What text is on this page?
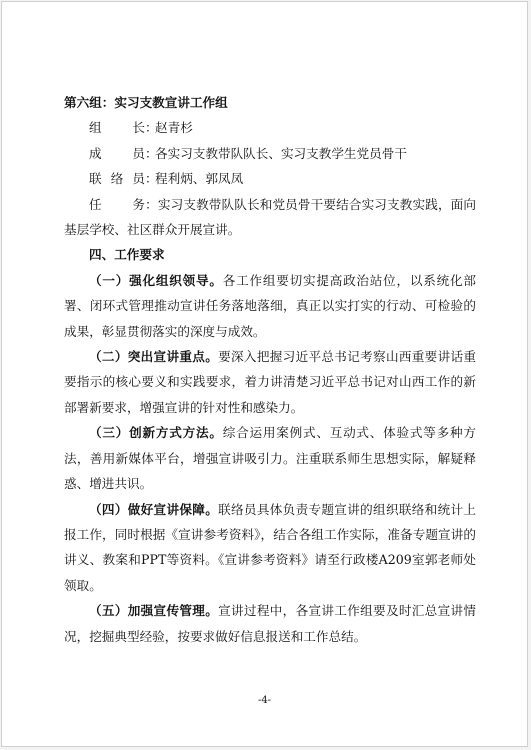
第六组：实习支教宣讲工作组

组 长 ：
赵青杉
成 员 ：
各实习支教带队队长、实习支教学生党员骨干
联 络 员 ：
程利炳、郭凤凤

任 务 ：实习支教带队队长和党员骨干要结合实习支教实践，面向基层学校、社区群众开展宣讲。

四、工作要求

（一）强化组织领导。各工作组要切实提高政治站位，以系统化部署、闭环式管理推动宣讲任务落地落细，真正以实打实的行动、可检验的成果，彰显贯彻落实的深度与成效。

（二）突出宣讲重点。要深入把握习近平总书记考察山西重要讲话重要指示的核心要义和实践要求，着力讲清楚习近平总书记对山西工作的新部署新要求，增强宣讲的针对性和感染力。

（三）创新方式方法。综合运用案例式、互动式、体验式等多种方法，善用新媒体平台，增强宣讲吸引力。注重联系师生思想实际，解疑释惑、增进共识。

（四）做好宣讲保障。联络员具体负责专题宣讲的组织联络和统计上报工作，同时根据《宣讲参考资料》，结合各组工作实际，准备专题宣讲的讲义、教案和PPT等资料。《宣讲参考资料》请至行政楼A209室郭老师处领取。

（五）加强宣传管理。宣讲过程中，各宣讲工作组要及时汇总宣讲情况，挖掘典型经验，按要求做好信息报送和工作总结。

-4-
